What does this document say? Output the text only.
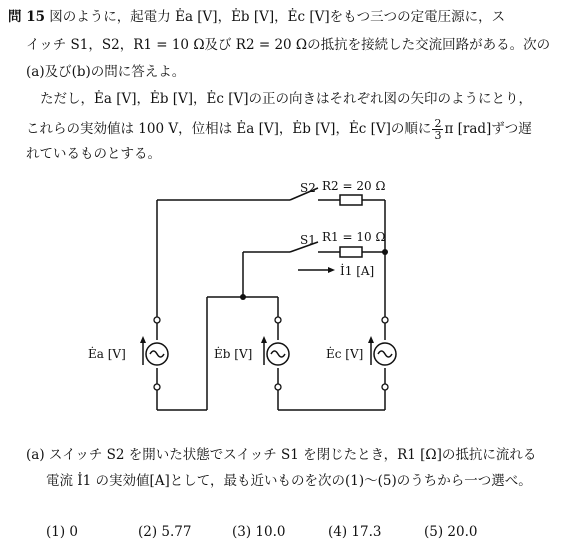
問 15 図のように，起電力 Ėa [V]，Ėb [V]，Ėc [V]をもつ三つの定電圧源に，ス
イッチ S1，S2，R1 = 10 Ω及び R2 = 20 Ωの抵抗を接続した交流回路がある。次の
(a)及び(b)の問に答えよ。
ただし，Ėa [V]，Ėb [V]，Ėc [V]の正の向きはそれぞれ図の矢印のようにとり，
これらの実効値は 100 V，位相は Ėa [V]，Ėb [V]，Ėc [V]の順に $\frac{2}{3}$ π [rad]ずつ遅
れているものとする。
S2 R2 = 20 Ω
S1 R1 = 10 Ω
İ1 [A]
Ėa [V]	Ėb [V]	Ėc [V]
(a) スイッチ S2 を開いた状態でスイッチ S1 を閉じたとき，R1 [Ω]の抵抗に流れる
電流 İ1 の実効値[A]として，最も近いものを次の(1)～(5)のうちから一つ選べ。
(1) 0	(2) 5.77	(3) 10.0	(4) 17.3	(5) 20.0
